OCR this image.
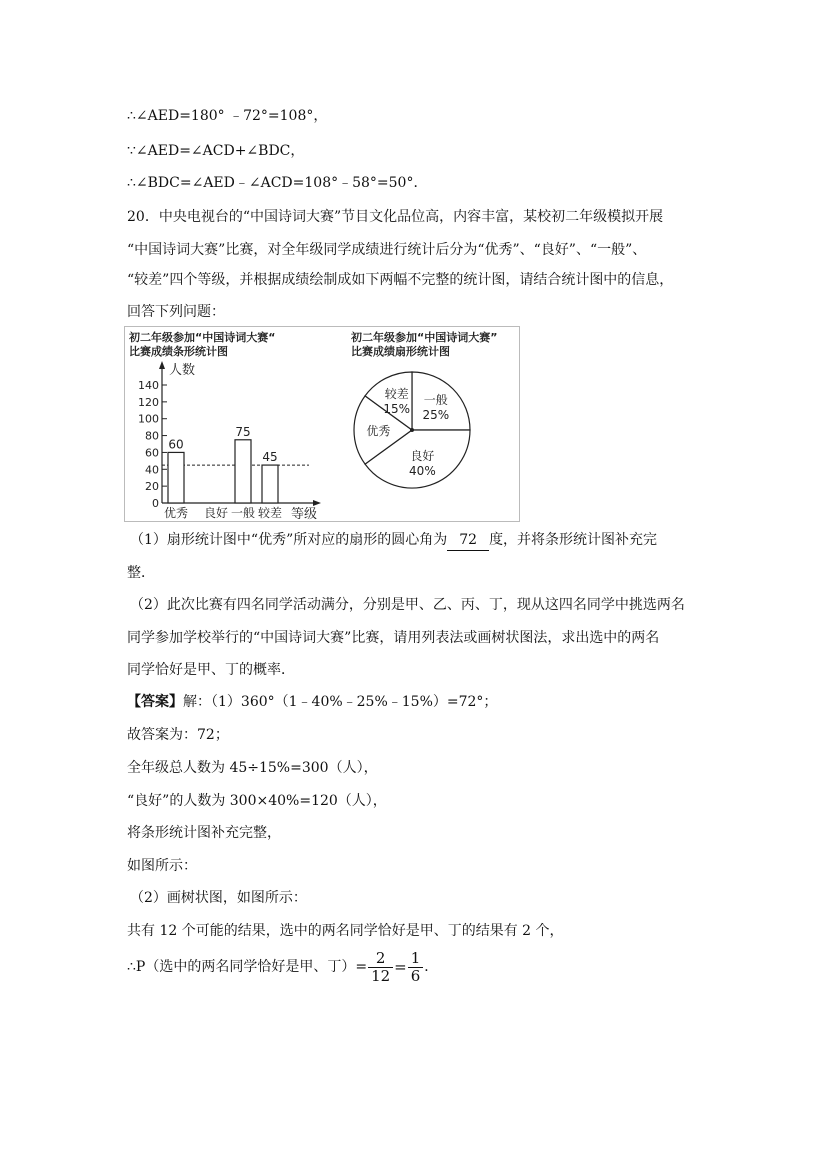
∴∠AED=180° ﹣72°=108°，
∵∠AED=∠ACD+∠BDC，
∴∠BDC=∠AED﹣∠ACD=108°﹣58°=50°．
20．中央电视台的“中国诗词大赛”节目文化品位高，内容丰富，某校初二年级模拟开展
“中国诗词大赛”比赛，对全年级同学成绩进行统计后分为“优秀”、“良好”、“一般”、
“较差”四个等级，并根据成绩绘制成如下两幅不完整的统计图，请结合统计图中的信息，
回答下列问题：
初二年级参加“中国诗词大赛“
比赛成绩条形统计图
人数
等级
0
20
40
60
80
100
120
140
60
75
45
优秀 良好 一般 较差
初二年级参加“中国诗词大赛”
比赛成绩扇形统计图
一般
25%
良好
40%
优秀
较差
15%
（1）扇形统计图中“优秀”所对应的扇形的圆心角为 72 度，并将条形统计图补充完
整．
（2）此次比赛有四名同学活动满分，分别是甲、乙、丙、丁，现从这四名同学中挑选两名
同学参加学校举行的“中国诗词大赛”比赛，请用列表法或画树状图法，求出选中的两名
同学恰好是甲、丁的概率．
【答案】解：（1）360°（1﹣40%﹣25%﹣15%）=72°；
故答案为：72；
全年级总人数为 45÷15%=300（人），
“良好”的人数为 300×40%=120（人），
将条形统计图补充完整，
如图所示：
（2）画树状图，如图所示：
共有 12 个可能的结果，选中的两名同学恰好是甲、丁的结果有 2 个，
∴P（选中的两名同学恰好是甲、丁）= $\frac{2}{12} = \frac{1}{6}$ ．
